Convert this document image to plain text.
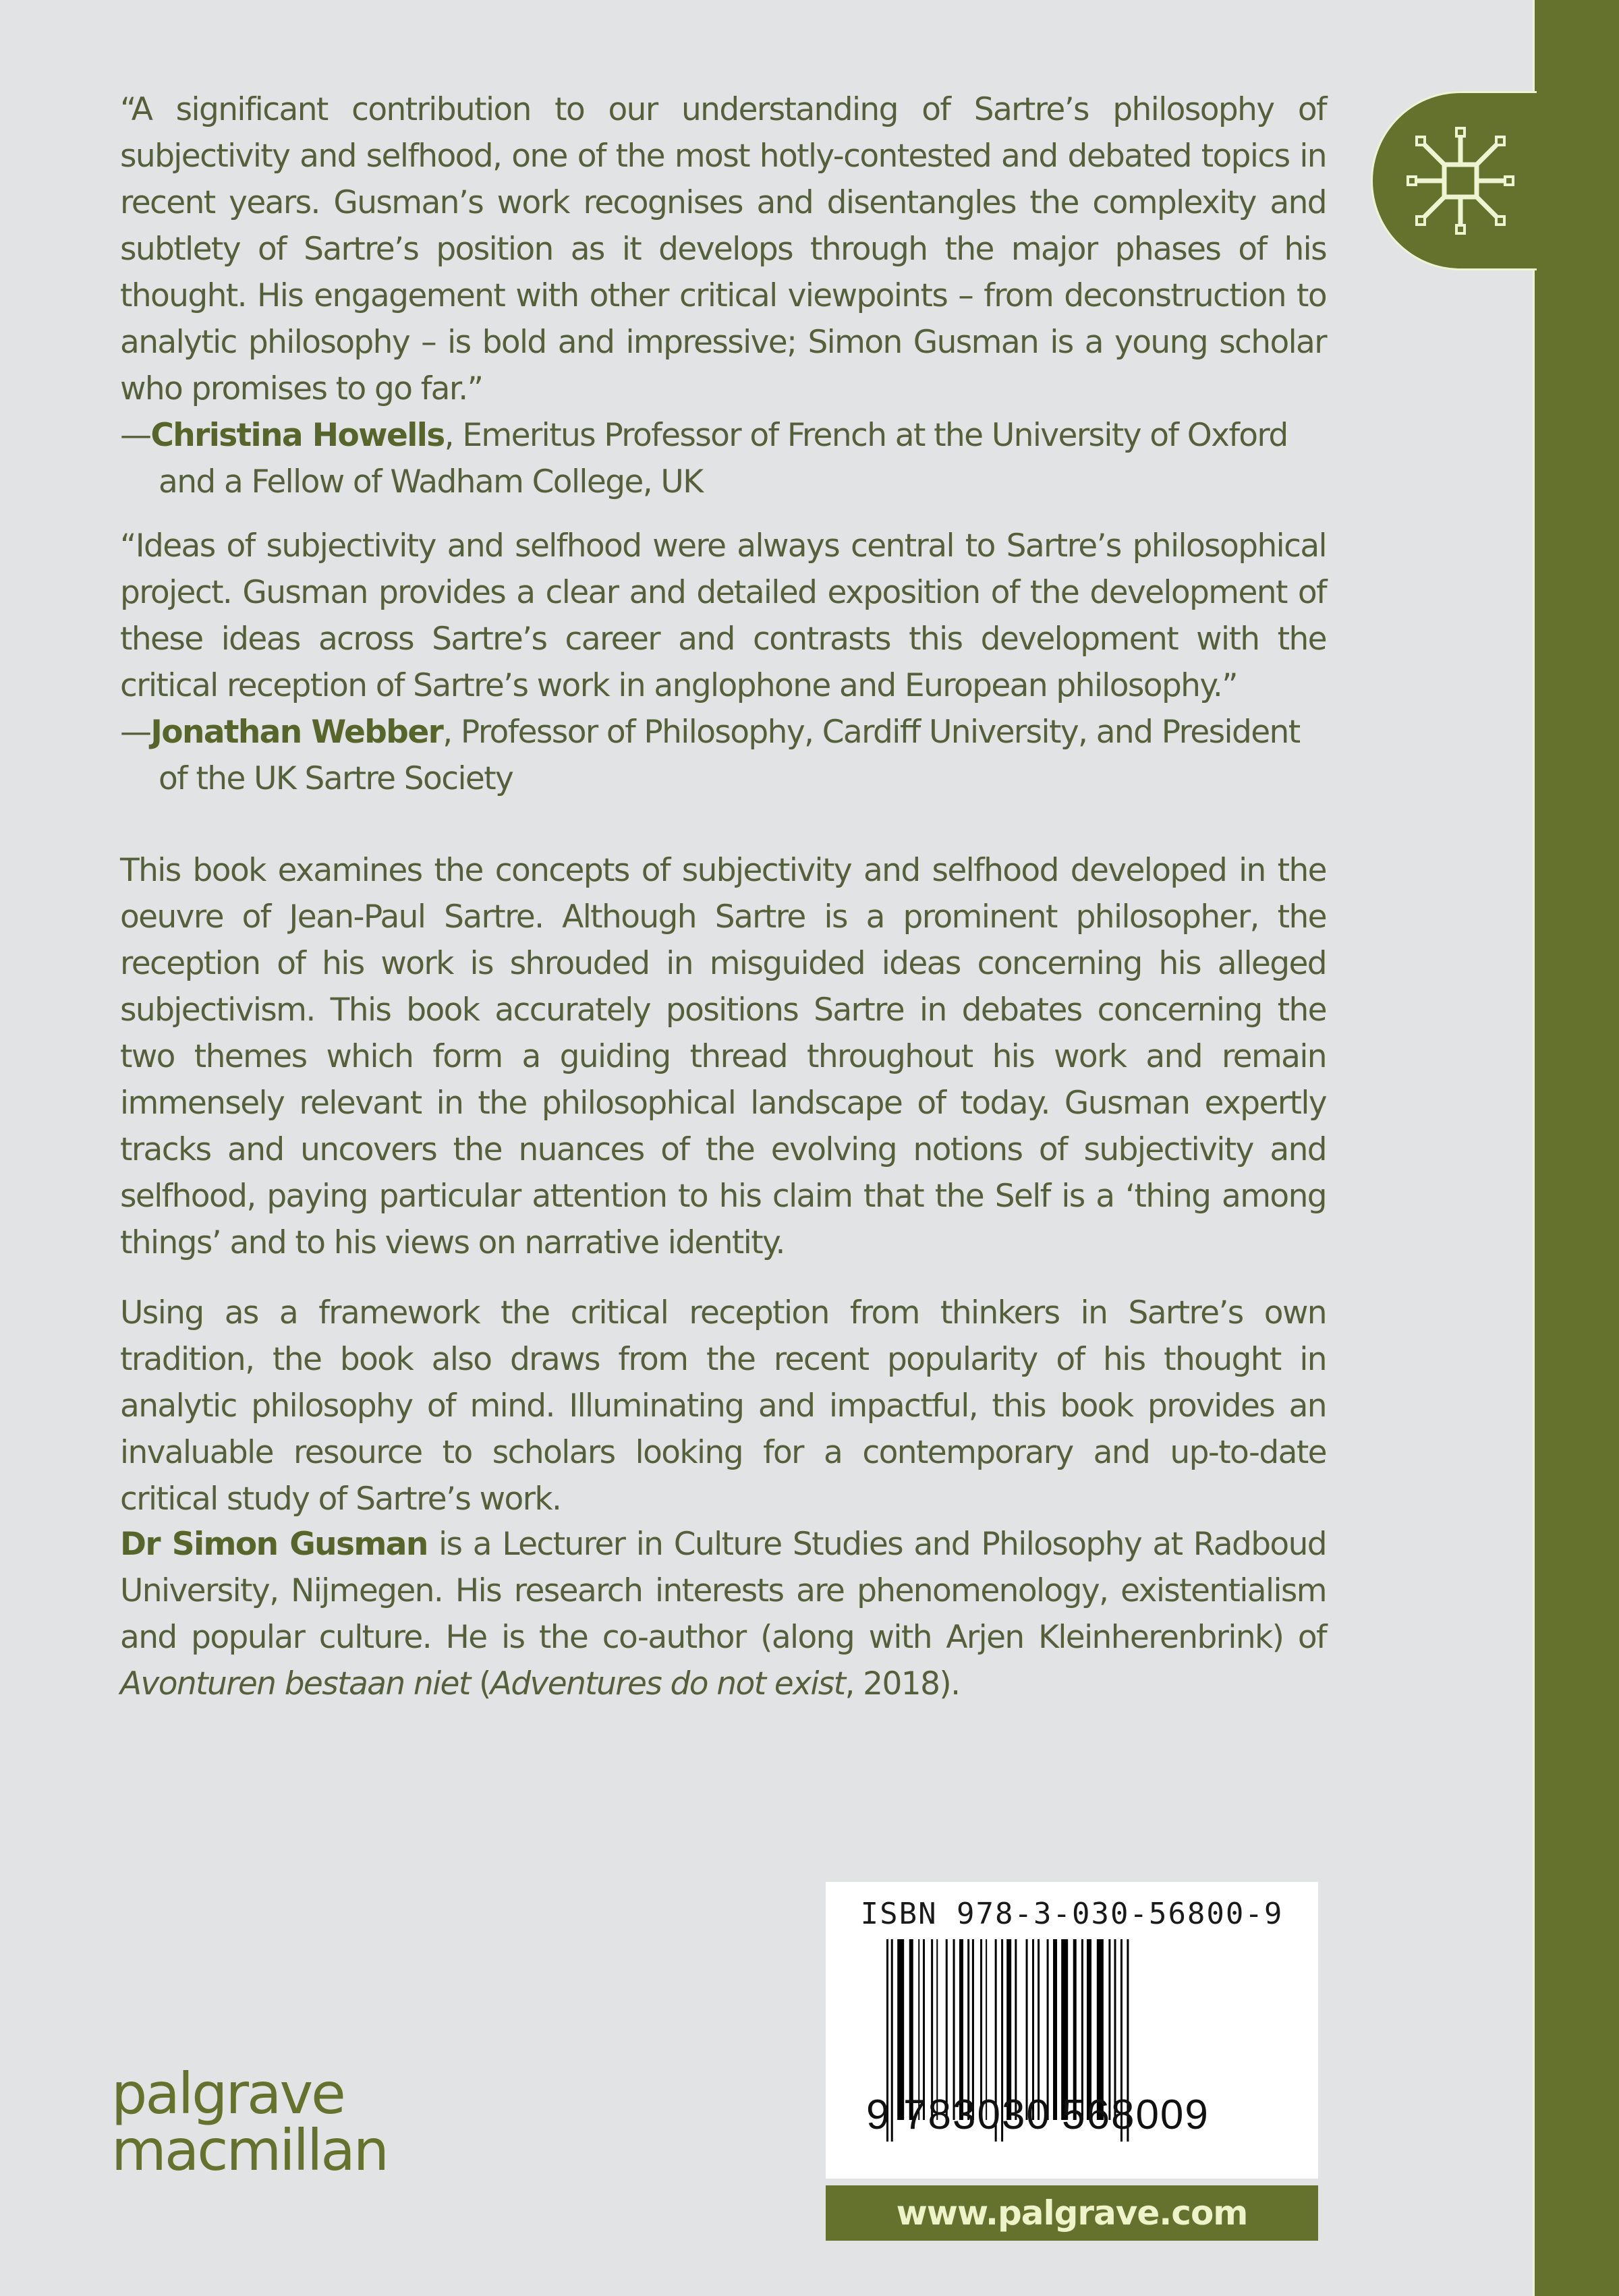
“A significant contribution to our understanding of Sartre’s philosophy of subjectivity and selfhood, one of the most hotly-contested and debated topics in recent years. Gusman’s work recognises and disentangles the complexity and subtlety of Sartre’s position as it develops through the major phases of his thought. His engagement with other critical viewpoints – from deconstruction to analytic philosophy – is bold and impressive; Simon Gusman is a young scholar who promises to go far.”

—Christina Howells, Emeritus Professor of French at the University of Oxford and a Fellow of Wadham College, UK

“Ideas of subjectivity and selfhood were always central to Sartre’s philosophical project. Gusman provides a clear and detailed exposition of the development of these ideas across Sartre’s career and contrasts this development with the critical reception of Sartre’s work in anglophone and European philosophy.”

—Jonathan Webber, Professor of Philosophy, Cardiff University, and President of the UK Sartre Society

This book examines the concepts of subjectivity and selfhood developed in the oeuvre of Jean-Paul Sartre. Although Sartre is a prominent philosopher, the reception of his work is shrouded in misguided ideas concerning his alleged subjectivism. This book accurately positions Sartre in debates concerning the two themes which form a guiding thread throughout his work and remain immensely relevant in the philosophical landscape of today. Gusman expertly tracks and uncovers the nuances of the evolving notions of subjectivity and selfhood, paying particular attention to his claim that the Self is a ‘thing among things’ and to his views on narrative identity.

Using as a framework the critical reception from thinkers in Sartre’s own tradition, the book also draws from the recent popularity of his thought in analytic philosophy of mind. Illuminating and impactful, this book provides an invaluable resource to scholars looking for a contemporary and up-to-date critical study of Sartre’s work.

Dr Simon Gusman is a Lecturer in Culture Studies and Philosophy at Radboud University, Nijmegen. His research interests are phenomenology, existentialism and popular culture. He is the co-author (along with Arjen Kleinherenbrink) of Avonturen bestaan niet (Adventures do not exist, 2018).

palgrave
macmillan
ISBN 978-3-030-56800-9
9 783030 568009
www.palgrave.com
